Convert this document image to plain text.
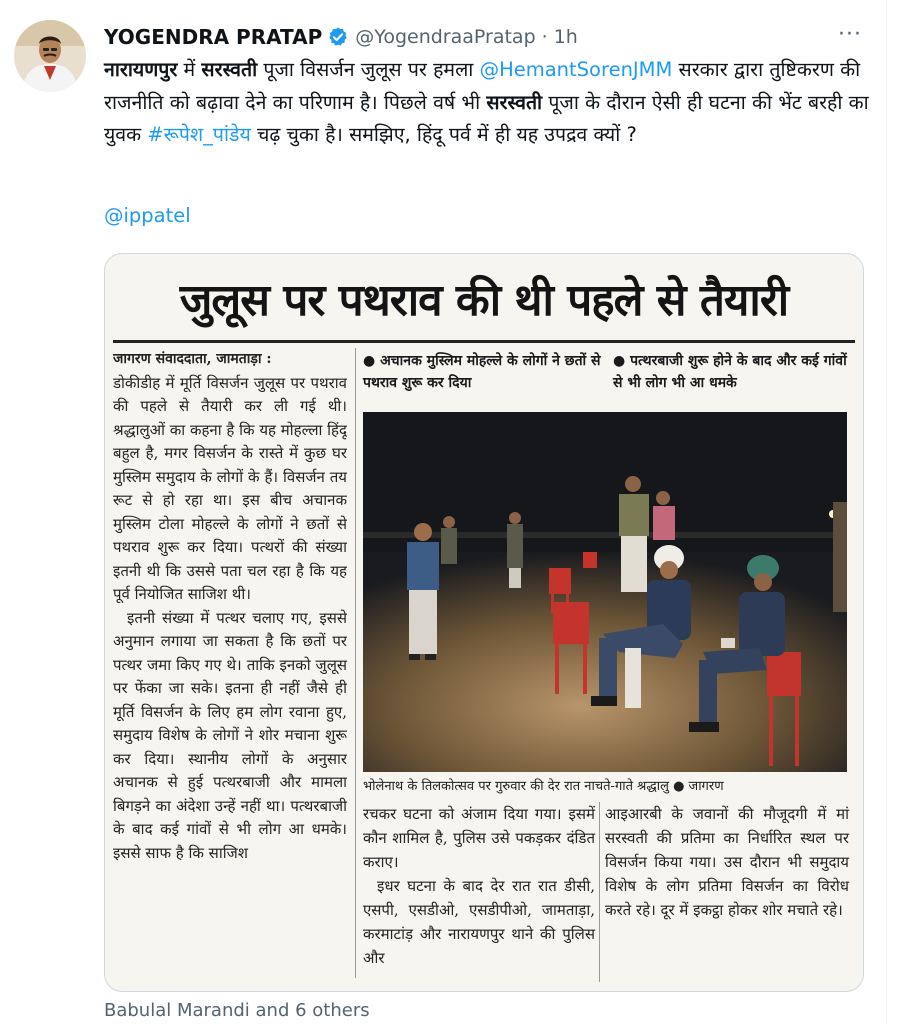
YOGENDRA PRATAP @YogendraaPratap · 1h	···
नारायणपुर में सरस्वती पूजा विसर्जन जुलूस पर हमला @HemantSorenJMM सरकार द्वारा तुष्टिकरण की राजनीति को बढ़ावा देने का परिणाम है। पिछले वर्ष भी सरस्वती पूजा के दौरान ऐसी ही घटना की भेंट बरही का युवक #रूपेश_पांडेय चढ़ चुका है। समझिए, हिंदू पर्व में ही यह उपद्रव क्यों ?
@ippatel
जुलूस पर पथराव की थी पहले से तैयारी
जागरण संवाददाता, जामताड़ा :

डोकीडीह में मूर्ति विसर्जन जुलूस पर पथराव की पहले से तैयारी कर ली गई थी। श्रद्धालुओं का कहना है कि यह मोहल्ला हिंदू बहुल है, मगर विसर्जन के रास्ते में कुछ घर मुस्लिम समुदाय के लोगों के हैं। विसर्जन तय रूट से हो रहा था। इस बीच अचानक मुस्लिम टोला मोहल्ले के लोगों ने छतों से पथराव शुरू कर दिया। पत्थरों की संख्या इतनी थी कि उससे पता चल रहा है कि यह पूर्व नियोजित साजिश थी।

इतनी संख्या में पत्थर चलाए गए, इससे अनुमान लगाया जा सकता है कि छतों पर पत्थर जमा किए गए थे। ताकि इनको जुलूस पर फेंका जा सके। इतना ही नहीं जैसे ही मूर्ति विसर्जन के लिए हम लोग रवाना हुए, समुदाय विशेष के लोगों ने शोर मचाना शुरू कर दिया। स्थानीय लोगों के अनुसार अचानक से हुई पत्थरबाजी और मामला बिगड़ने का अंदेशा उन्हें नहीं था। पत्थरबाजी के बाद कई गांवों से भी लोग आ धमके। इससे साफ है कि साजिश

● अचानक मुस्लिम मोहल्ले के लोगों ने छतों से पथराव शुरू कर दिया
● पत्थरबाजी शुरू होने के बाद और कई गांवों से भी लोग भी आ धमके
भोलेनाथ के तिलकोत्सव पर गुरुवार की देर रात नाचते-गाते श्रद्धालु ● जागरण

रचकर घटना को अंजाम दिया गया। इसमें कौन शामिल है, पुलिस उसे पकड़कर दंडित कराए।

इधर घटना के बाद देर रात रात डीसी, एसपी, एसडीओ, एसडीपीओ, जामताड़ा, करमाटांड़ और नारायणपुर थाने की पुलिस और

आइआरबी के जवानों की मौजूदगी में मां सरस्वती की प्रतिमा का निर्धारित स्थल पर विसर्जन किया गया। उस दौरान भी समुदाय विशेष के लोग प्रतिमा विसर्जन का विरोध करते रहे। दूर में इकट्ठा होकर शोर मचाते रहे।

Babulal Marandi and 6 others
